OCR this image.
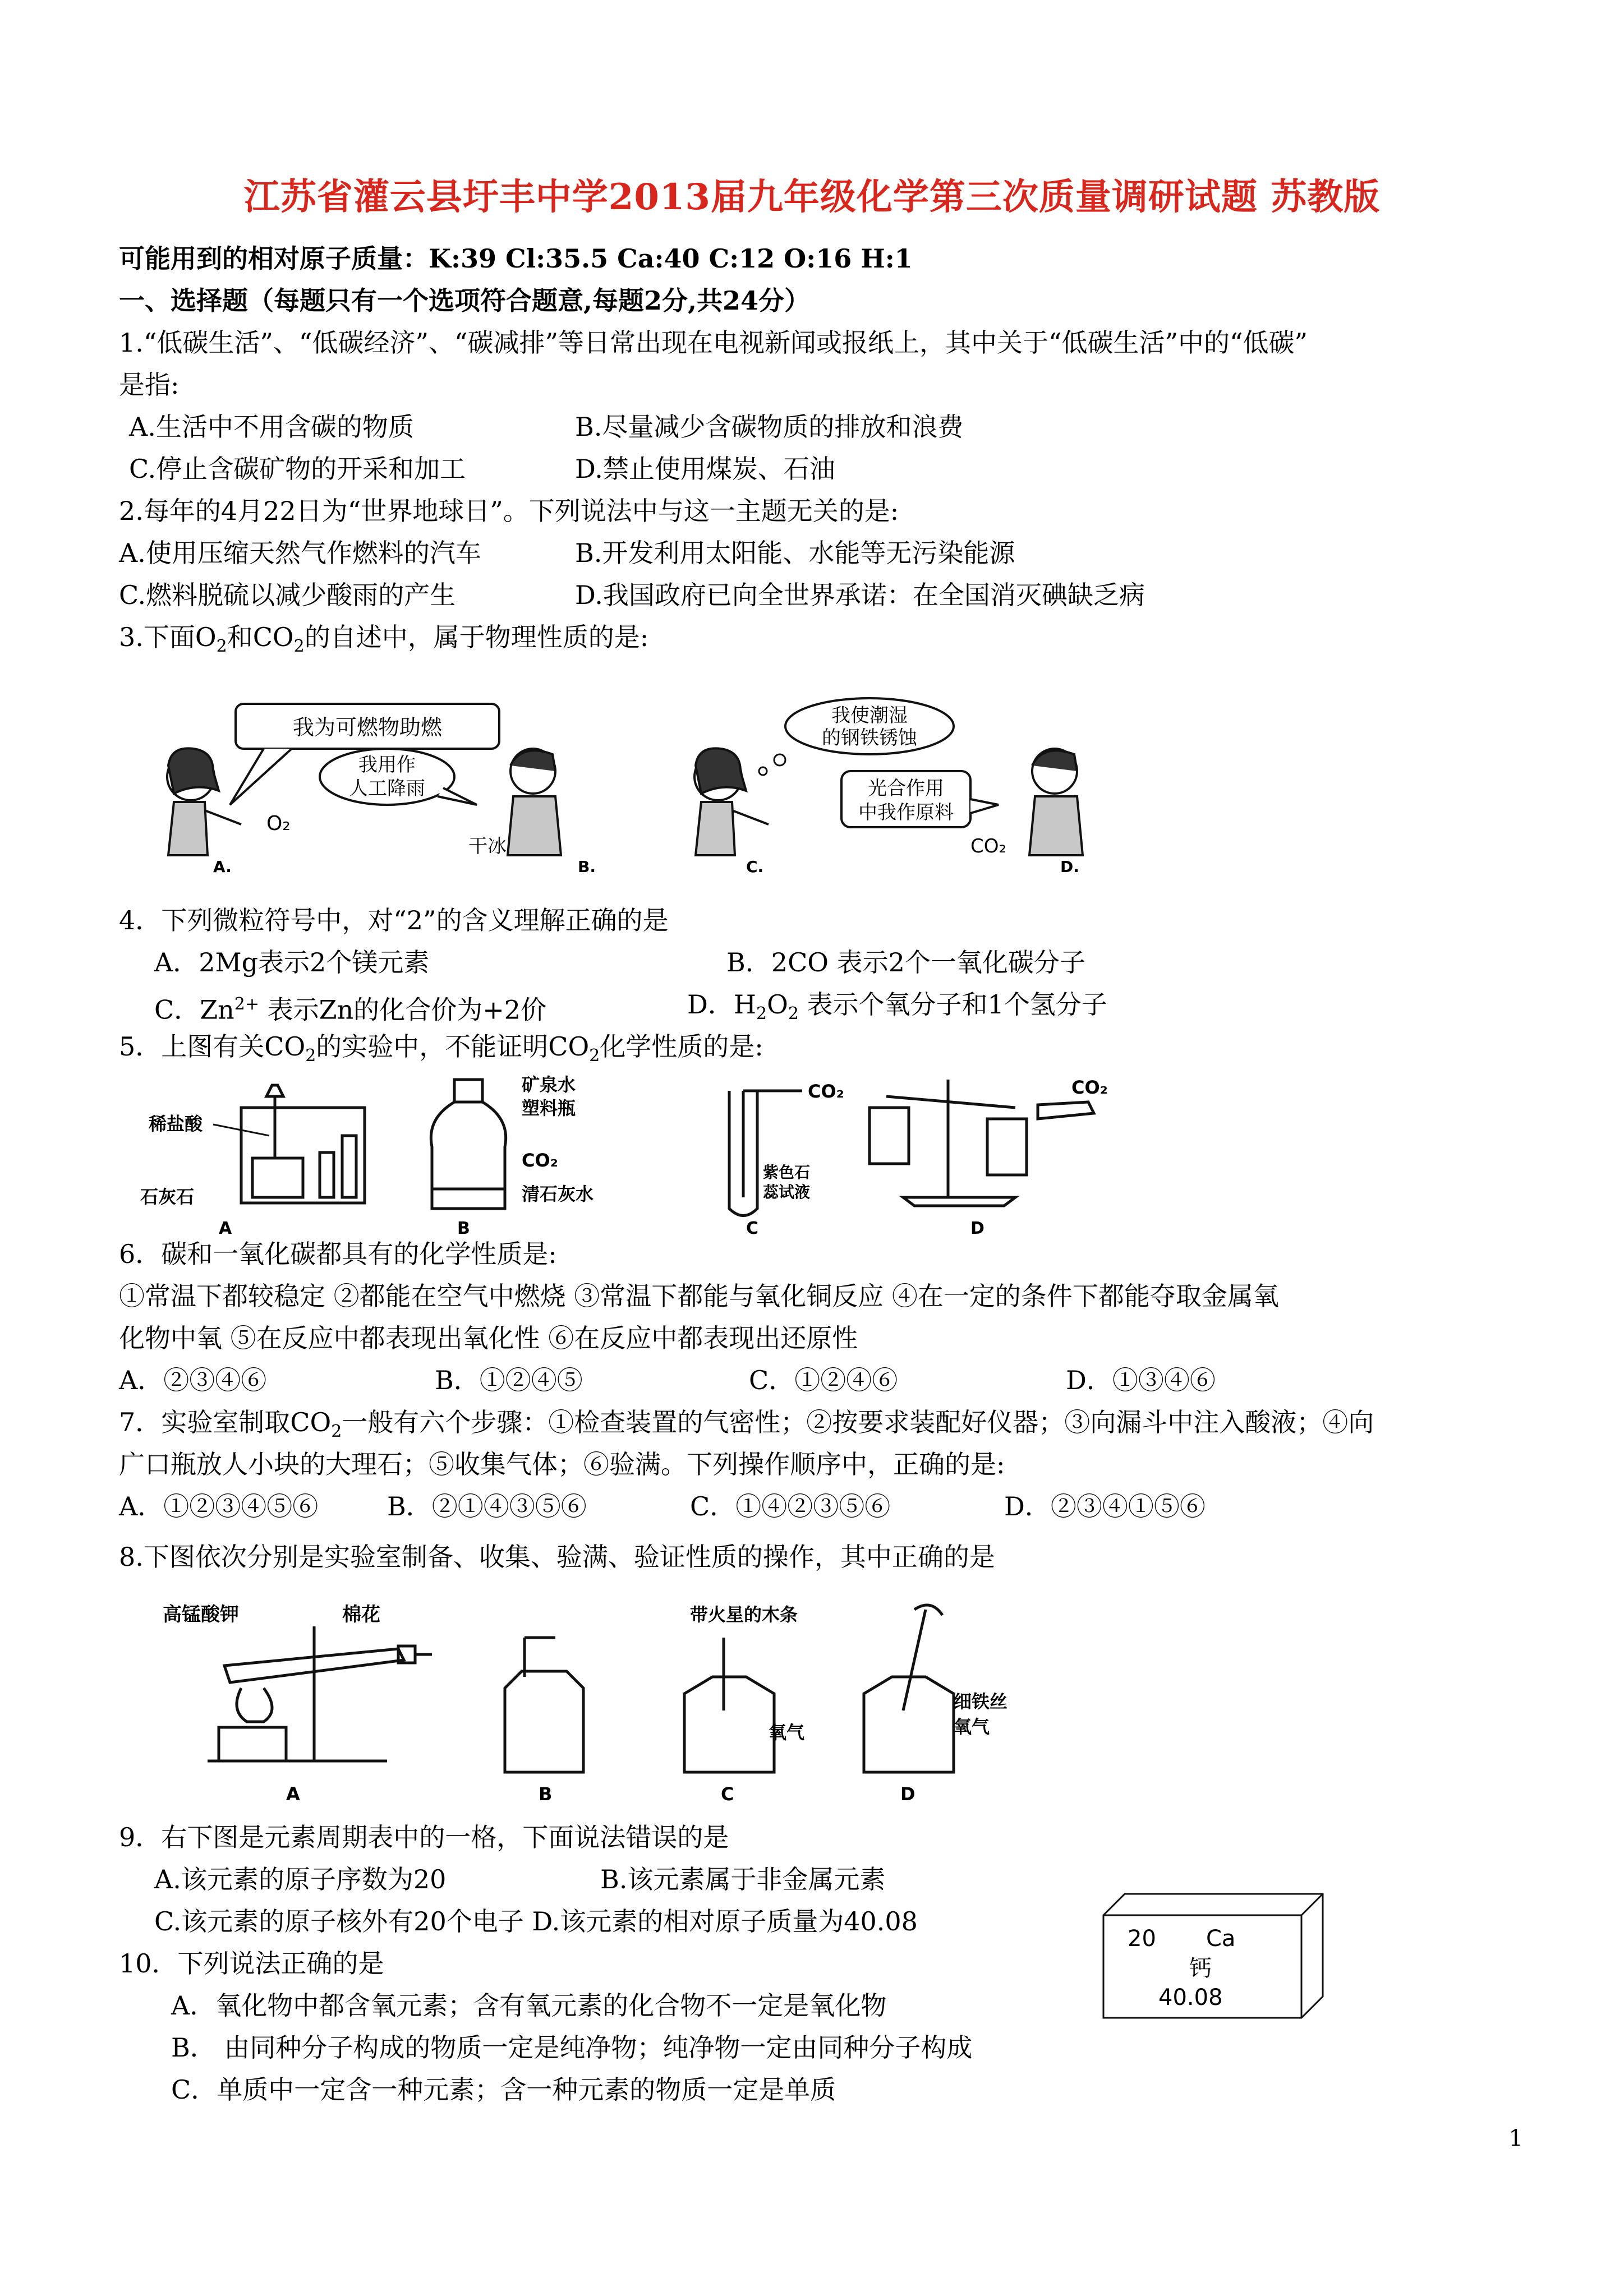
江苏省灌云县圩丰中学2013届九年级化学第三次质量调研试题 苏教版
可能用到的相对原子质量：K:39 Cl:35.5 Ca:40 C:12 O:16 H:1
一、选择题（每题只有一个选项符合题意,每题2分,共24分）
1.“低碳生活”、“低碳经济”、“碳减排”等日常出现在电视新闻或报纸上，其中关于“低碳生活”中的“低碳”
是指:
A.生活中不用含碳的物质	B.尽量减少含碳物质的排放和浪费
C.停止含碳矿物的开采和加工	D.禁止使用煤炭、石油
2.每年的4月22日为“世界地球日”。下列说法中与这一主题无关的是:
A.使用压缩天然气作燃料的汽车	B.开发利用太阳能、水能等无污染能源
C.燃料脱硫以减少酸雨的产生	D.我国政府已向全世界承诺：在全国消灭碘缺乏病
3.下面$O_2$和$CO_2$的自述中，属于物理性质的是:
我为可燃物助燃
O₂
A.
我用作
人工降雨
干冰
B.
我使潮湿
的钢铁锈蚀
C.
光合作用
中我作原料
CO₂
D.
4．下列微粒符号中，对“2”的含义理解正确的是
A．2Mg表示2个镁元素	B．2CO 表示2个一氧化碳分子
C．$Zn^{2+}$ 表示Zn的化合价为+2价	D．$H_2O_2$ 表示个氧分子和1个氢分子
5．上图有关$CO_2$的实验中，不能证明$CO_2$化学性质的是:
稀盐酸
石灰石
A
矿泉水
塑料瓶
CO₂
清石灰水
B
CO₂
紫色石
蕊试液
C
CO₂
D
6．碳和一氧化碳都具有的化学性质是:
①常温下都较稳定 ②都能在空气中燃烧 ③常温下都能与氧化铜反应 ④在一定的条件下都能夺取金属氧
化物中氧 ⑤在反应中都表现出氧化性 ⑥在反应中都表现出还原性
A．②③④⑥	B．①②④⑤	C．①②④⑥	D．①③④⑥
7．实验室制取$CO_2$一般有六个步骤：①检查装置的气密性；②按要求装配好仪器；③向漏斗中注入酸液；④向
广口瓶放人小块的大理石；⑤收集气体；⑥验满。下列操作顺序中，正确的是:
A．①②③④⑤⑥	B．②①④③⑤⑥	C．①④②③⑤⑥	D．②③④①⑤⑥
8.下图依次分别是实验室制备、收集、验满、验证性质的操作，其中正确的是
高锰酸钾	棉花
A	B
带火星的木条
氧气
C
细铁丝
氧气
D
9．右下图是元素周期表中的一格，下面说法错误的是
A.该元素的原子序数为20	B.该元素属于非金属元素
C.该元素的原子核外有20个电子 D.该元素的相对原子质量为40.08
20 Ca
钙
40.08
10．下列说法正确的是
A．氧化物中都含氧元素；含有氧元素的化合物不一定是氧化物
B． 由同种分子构成的物质一定是纯净物；纯净物一定由同种分子构成
C．单质中一定含一种元素；含一种元素的物质一定是单质
1
